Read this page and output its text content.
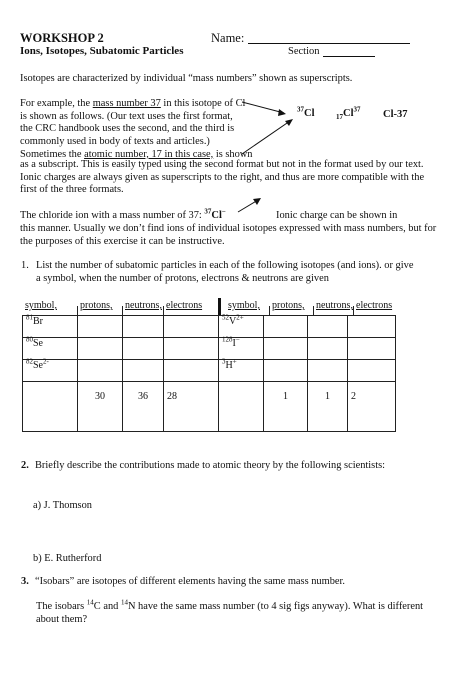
WORKSHOP 2
Ions, Isotopes, Subatomic Particles
Name:
Section

Isotopes are characterized by individual “mass numbers” shown as superscripts.

For example, the mass number 37 in this isotope of Cl
is shown as follows. (Our text uses the first format,
the CRC handbook uses the second, and the third is
commonly used in body of texts and articles.)
Sometimes the atomic number, 17 in this case, is shown

as a subscript. This is easily typed using the second format but not in the format used by our text. Ionic charges are always given as superscripts to the right, and thus are more compatible with the first of the three formats.

$^{37}$Cl	$_{17}Cl^{37}$ Cl-37
The chloride ion with a mass number of 37: $^{37}$Cl−	Ionic charge can be shown in

this manner. Usually we don’t find ions of individual isotopes expressed with mass numbers, but for the purposes of this exercise it can be instructive.

1. List the number of subatomic particles in each of the following isotopes (and ions). or give a symbol, when the number of protons, electrons & neutrons are given

symbol, protons, neutrons, electrons	symbol, protons, neutrons, electrons
$^{81}$Br				$^{52}V^{2+}$			
$^{80}$Se				$^{128}$I−			
$^{82}Se^{2-}$				$^3$H+			
	30	36	28		1	1	2
2. Briefly describe the contributions made to atomic theory by the following scientists:

a) J. Thomson
b) E. Rutherford
3. “Isobars” are isotopes of different elements having the same mass number.

The isobars $^{14}$C and $^{14}$N have the same mass number (to 4 sig figs anyway). What is different about them?
